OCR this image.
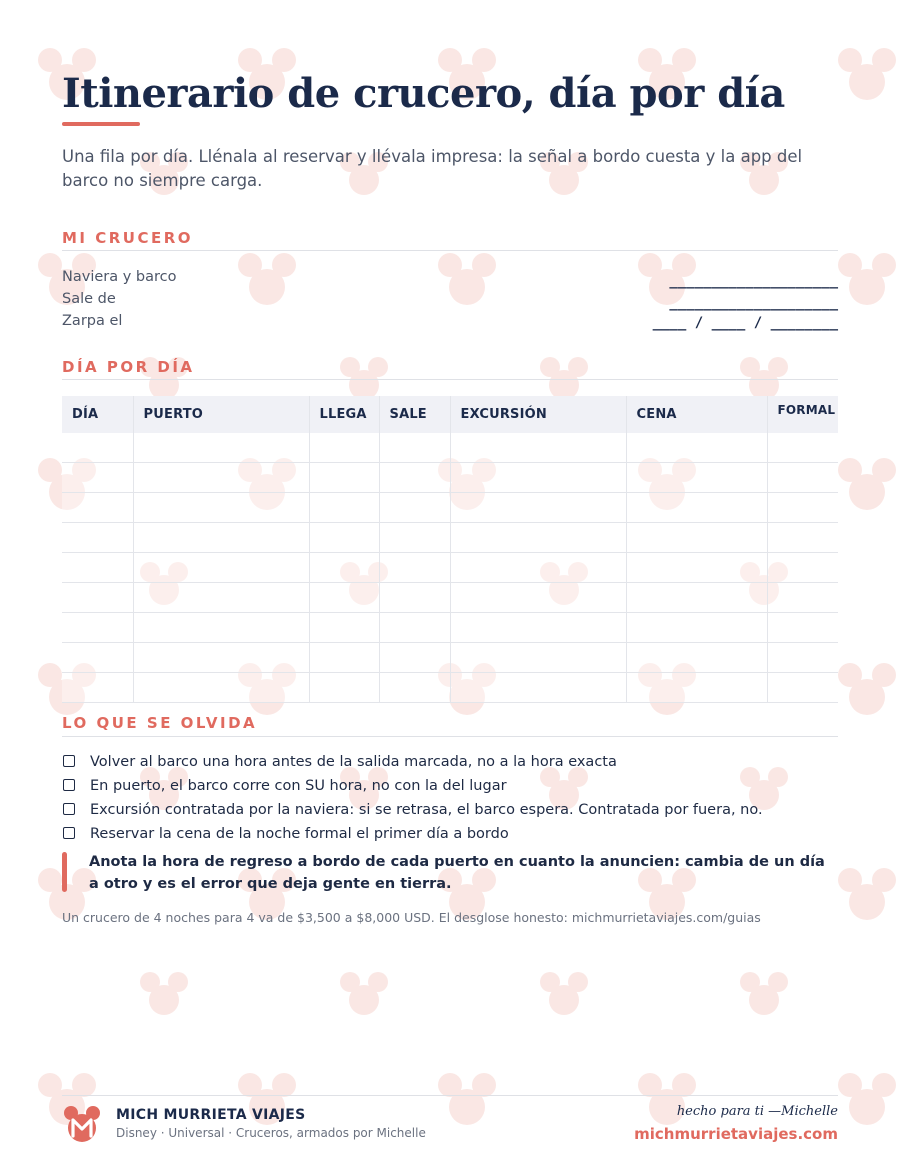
Itinerario de crucero, día por día

Una fila por día. Llénala al reservar y llévala impresa: la señal a bordo cuesta y la app del barco no siempre carga.

MI CRUCERO
Naviera y barco	____________________
Sale de	____________________
Zarpa el	____ / ____ / ________
DÍA POR DÍA
DÍA	PUERTO	LLEGA	SALE	EXCURSIÓN	CENA	FORMAL

LO QUE SE OLVIDA
Volver al barco una hora antes de la salida marcada, no a la hora exacta
En puerto, el barco corre con SU hora, no con la del lugar
Excursión contratada por la naviera: si se retrasa, el barco espera. Contratada por fuera, no.
Reservar la cena de la noche formal el primer día a bordo

Anota la hora de regreso a bordo de cada puerto en cuanto la anuncien: cambia de un día a otro y es el error que deja gente en tierra.

Un crucero de 4 noches para 4 va de $3,500 a $8,000 USD. El desglose honesto: michmurrietaviajes.com/guias

MICH MURRIETA VIAJES
Disney · Universal · Cruceros, armados por Michelle
hecho para ti —Michelle
michmurrietaviajes.com
